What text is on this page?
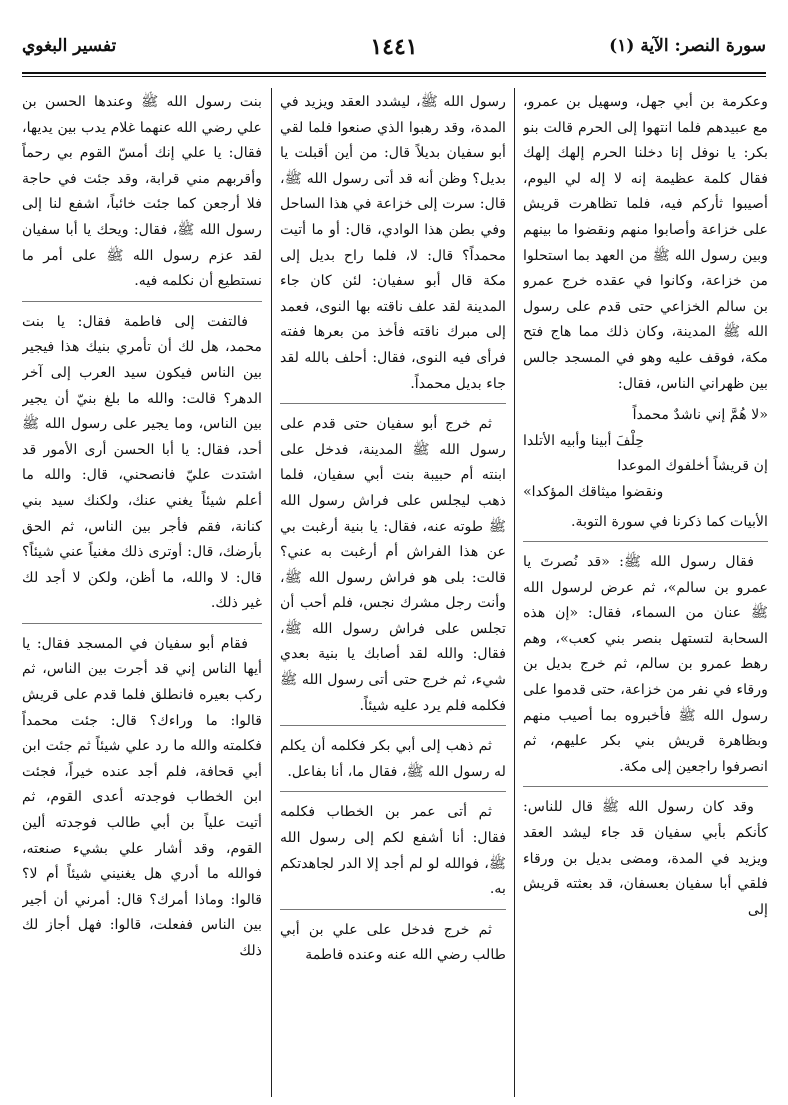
سورة النصر: الآية (١)
١٤٤١
تفسير البغوي

وعكرمة بن أبي جهل، وسهيل بن عمرو، مع عبيدهم فلما انتهوا إلى الحرم قالت بنو بكر: يا نوفل إنا دخلنا الحرم إلهك إلهك فقال كلمة عظيمة إنه لا إله لي اليوم، أصيبوا ثأركم فيه، فلما تظاهرت قريش على خزاعة وأصابوا منهم ونقضوا ما بينهم وبين رسول الله ﷺ من العهد بما استحلوا من خزاعة، وكانوا في عقده خرج عمرو بن سالم الخزاعي حتى قدم على رسول الله ﷺ المدينة، وكان ذلك مما هاج فتح مكة، فوقف عليه وهو في المسجد جالس بين ظهراني الناس، فقال:

«لا هُمَّ إني ناشدٌ محمداً
حِلْفَ أبينا وأبيه الأتلدا
إن قريشاً أخلفوك الموعدا
ونقضوا ميثاقك المؤكدا»

الأبيات كما ذكرنا في سورة التوبة.

فقال رسول الله ﷺ: «قد نُصرتَ يا عمرو بن سالم»، ثم عرض لرسول الله ﷺ عنان من السماء، فقال: «إن هذه السحابة لتستهل بنصر بني كعب»، وهم رهط عمرو بن سالم، ثم خرج بديل بن ورقاء في نفر من خزاعة، حتى قدموا على رسول الله ﷺ فأخبروه بما أصيب منهم وبظاهرة قريش بني بكر عليهم، ثم انصرفوا راجعين إلى مكة.

وقد كان رسول الله ﷺ قال للناس: كأنكم بأبي سفيان قد جاء ليشد العقد ويزيد في المدة، ومضى بديل بن ورقاء فلقي أبا سفيان بعسفان، قد بعثته قريش إلى

رسول الله ﷺ، ليشدد العقد ويزيد في المدة، وقد رهبوا الذي صنعوا فلما لقي أبو سفيان بديلاً قال: من أين أقبلت يا بديل؟ وظن أنه قد أتى رسول الله ﷺ، قال: سرت إلى خزاعة في هذا الساحل وفي بطن هذا الوادي، قال: أو ما أتيت محمداً؟ قال: لا، فلما راح بديل إلى مكة قال أبو سفيان: لئن كان جاء المدينة لقد علف ناقته بها النوى، فعمد إلى مبرك ناقته فأخذ من بعرها ففته فرأى فيه النوى، فقال: أحلف بالله لقد جاء بديل محمداً.

ثم خرج أبو سفيان حتى قدم على رسول الله ﷺ المدينة، فدخل على ابنته أم حبيبة بنت أبي سفيان، فلما ذهب ليجلس على فراش رسول الله ﷺ طوته عنه، فقال: يا بنية أرغبت بي عن هذا الفراش أم أرغبت به عني؟ قالت: بلى هو فراش رسول الله ﷺ، وأنت رجل مشرك نجس، فلم أحب أن تجلس على فراش رسول الله ﷺ، فقال: والله لقد أصابك يا بنية بعدي شيء، ثم خرج حتى أتى رسول الله ﷺ فكلمه فلم يرد عليه شيئاً.

ثم ذهب إلى أبي بكر فكلمه أن يكلم له رسول الله ﷺ، فقال ما، أنا بفاعل.

ثم أتى عمر بن الخطاب فكلمه فقال: أنا أشفع لكم إلى رسول الله ﷺ، فوالله لو لم أجد إلا الدر لجاهدتكم به.

ثم خرج فدخل على علي بن أبي طالب رضي الله عنه وعنده فاطمة

بنت رسول الله ﷺ وعندها الحسن بن علي رضي الله عنهما غلام يدب بين يديها، فقال: يا علي إنك أمسّ القوم بي رحماً وأقربهم مني قرابة، وقد جئت في حاجة فلا أرجعن كما جئت خائباً، اشفع لنا إلى رسول الله ﷺ، فقال: ويحك يا أبا سفيان لقد عزم رسول الله ﷺ على أمر ما نستطيع أن نكلمه فيه.

فالتفت إلى فاطمة فقال: يا بنت محمد، هل لك أن تأمري بنيك هذا فيجير بين الناس فيكون سيد العرب إلى آخر الدهر؟ قالت: والله ما بلغ بنيّ أن يجير بين الناس، وما يجير على رسول الله ﷺ أحد، فقال: يا أبا الحسن أرى الأمور قد اشتدت عليّ فانصحني، قال: والله ما أعلم شيئاً يغني عنك، ولكنك سيد بني كنانة، فقم فأجر بين الناس، ثم الحق بأرضك، قال: أوترى ذلك مغنياً عني شيئاً؟ قال: لا والله، ما أظن، ولكن لا أجد لك غير ذلك.

فقام أبو سفيان في المسجد فقال: يا أيها الناس إني قد أجرت بين الناس، ثم ركب بعيره فانطلق فلما قدم على قريش قالوا: ما وراءك؟ قال: جئت محمداً فكلمته والله ما رد علي شيئاً ثم جئت ابن أبي قحافة، فلم أجد عنده خيراً، فجئت ابن الخطاب فوجدته أعدى القوم، ثم أتيت علياً بن أبي طالب فوجدته ألين القوم، وقد أشار علي بشيء صنعته، فوالله ما أدري هل يغنيني شيئاً أم لا؟ قالوا: وماذا أمرك؟ قال: أمرني أن أجير بين الناس ففعلت، قالوا: فهل أجاز لك ذلك
